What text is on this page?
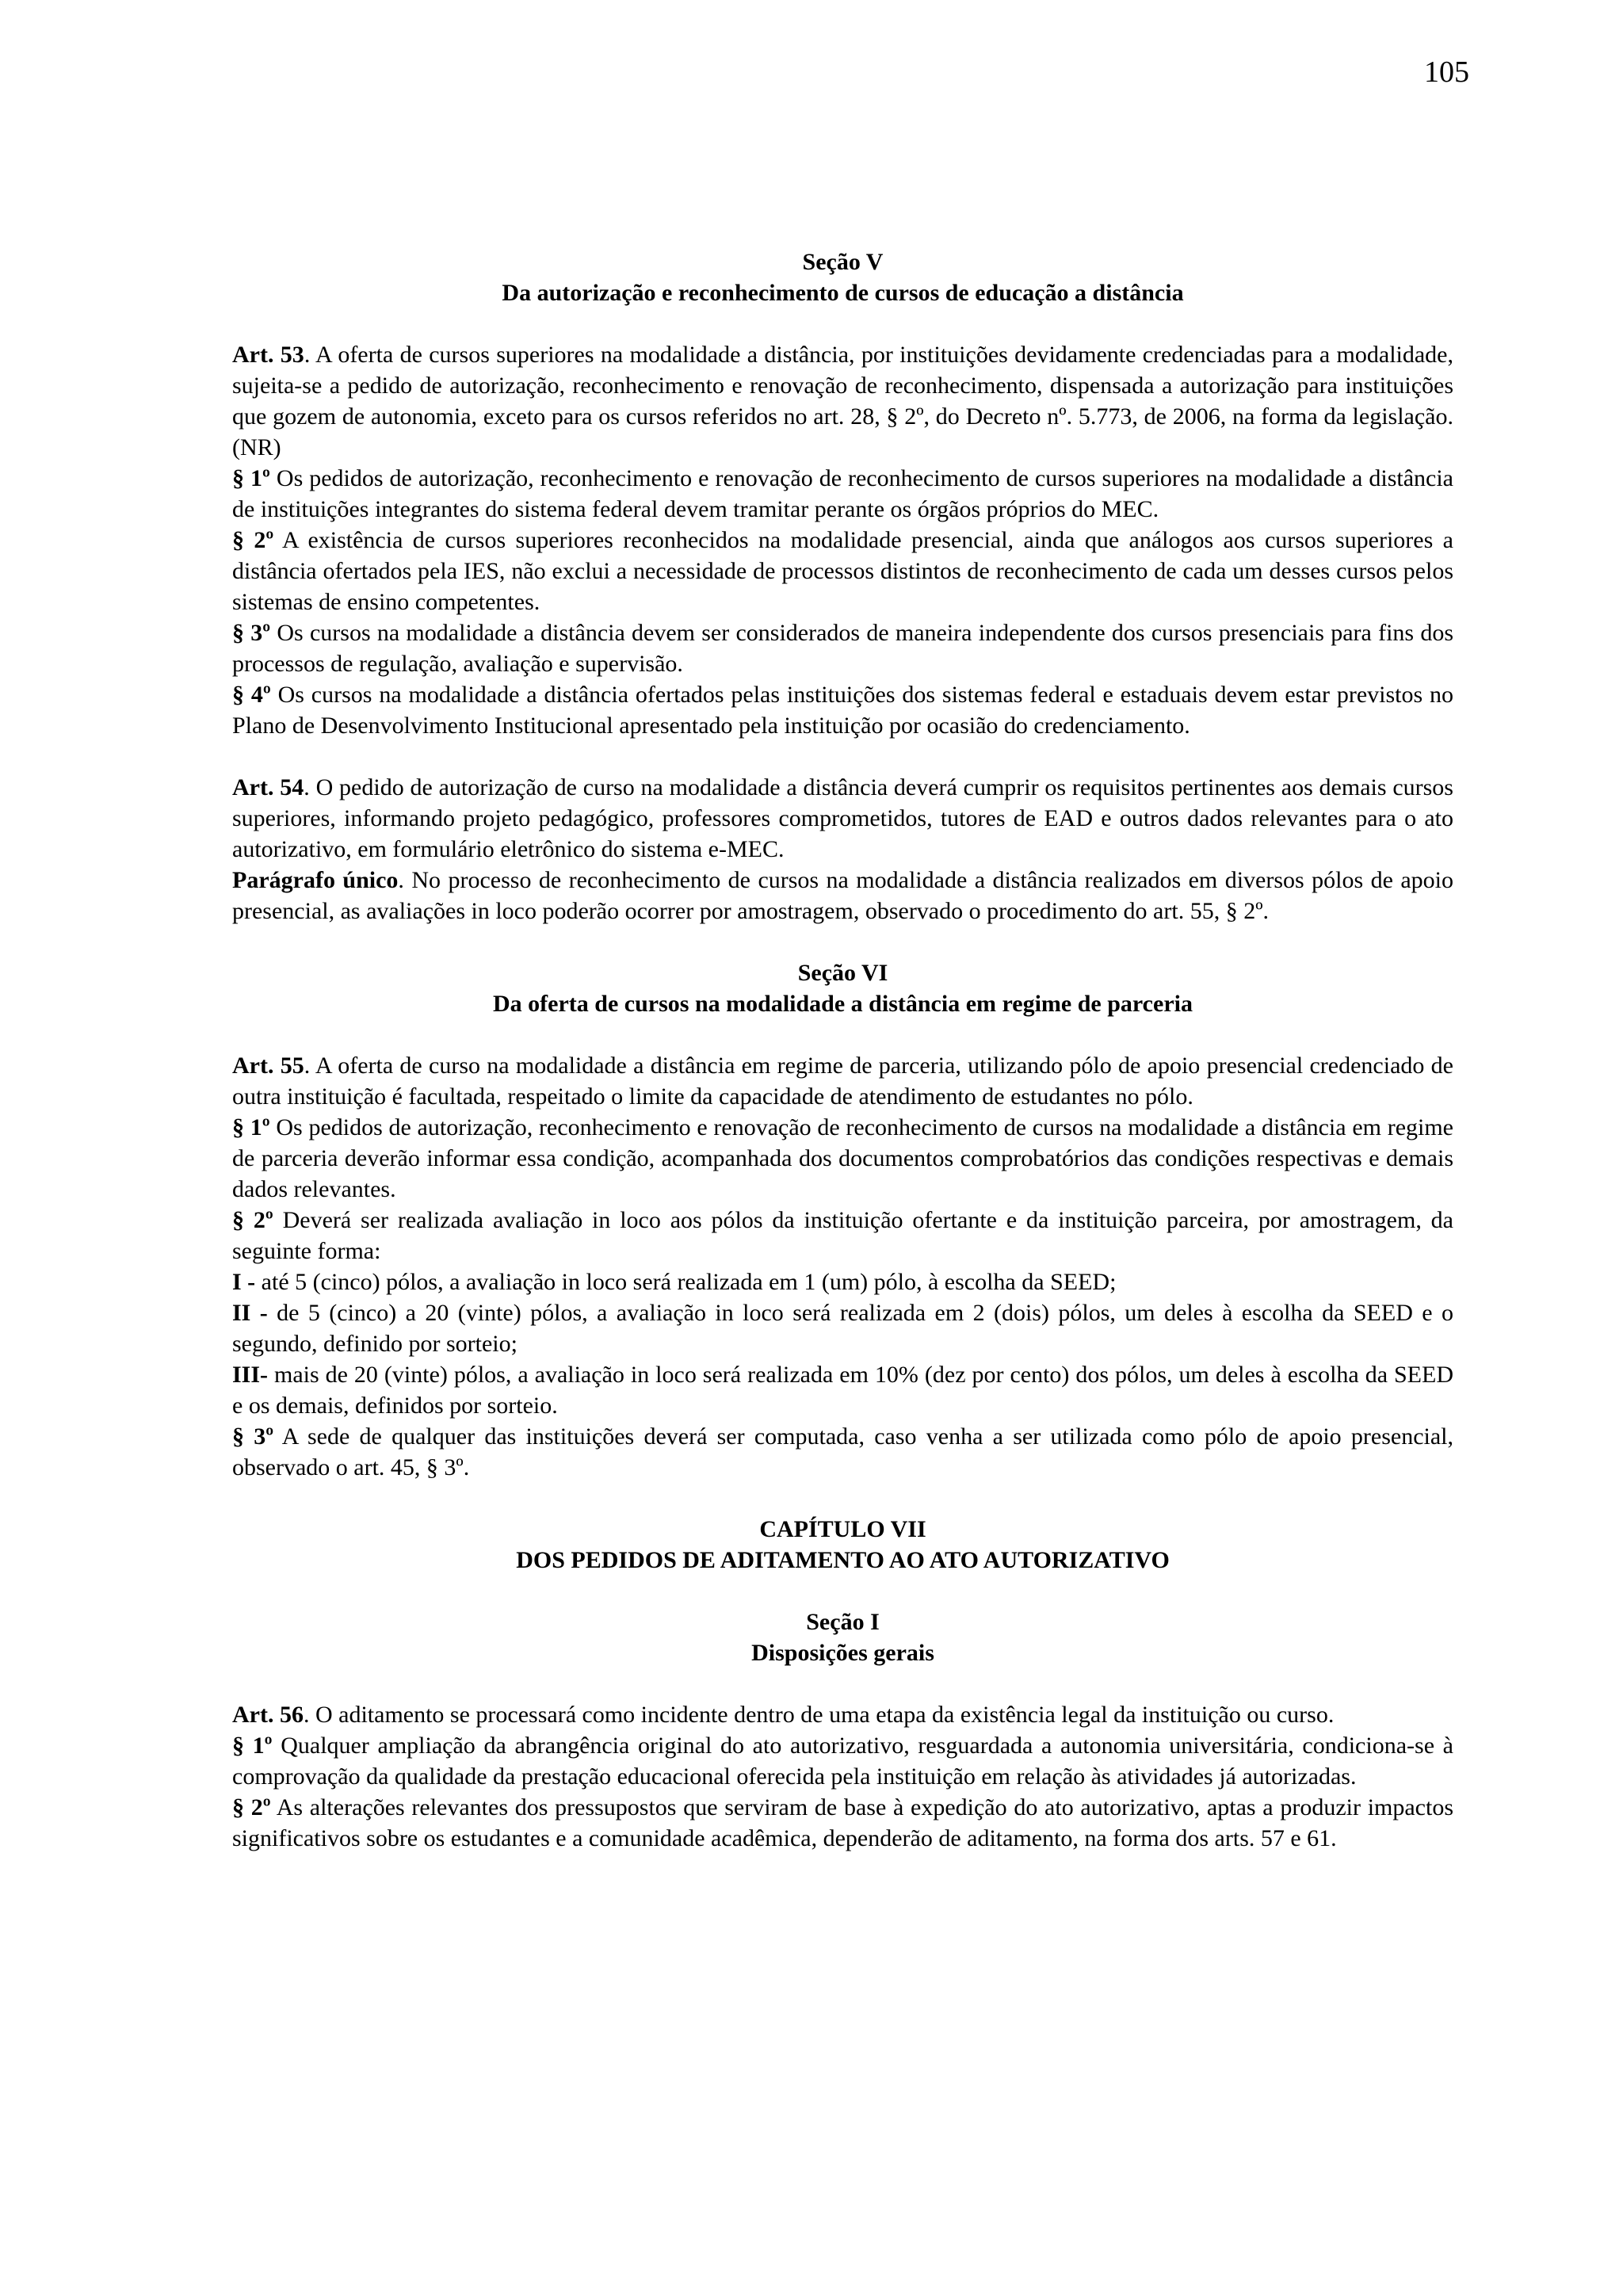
105
Seção V
Da autorização e reconhecimento de cursos de educação a distância

Art. 53. A oferta de cursos superiores na modalidade a distância, por instituições devidamente credenciadas para a modalidade, sujeita-se a pedido de autorização, reconhecimento e renovação de reconhecimento, dispensada a autorização para instituições que gozem de autonomia, exceto para os cursos referidos no art. 28, § 2º, do Decreto nº. 5.773, de 2006, na forma da legislação. (NR)

§ 1º Os pedidos de autorização, reconhecimento e renovação de reconhecimento de cursos superiores na modalidade a distância de instituições integrantes do sistema federal devem tramitar perante os órgãos próprios do MEC.

§ 2º A existência de cursos superiores reconhecidos na modalidade presencial, ainda que análogos aos cursos superiores a distância ofertados pela IES, não exclui a necessidade de processos distintos de reconhecimento de cada um desses cursos pelos sistemas de ensino competentes.

§ 3º Os cursos na modalidade a distância devem ser considerados de maneira independente dos cursos presenciais para fins dos processos de regulação, avaliação e supervisão.

§ 4º Os cursos na modalidade a distância ofertados pelas instituições dos sistemas federal e estaduais devem estar previstos no Plano de Desenvolvimento Institucional apresentado pela instituição por ocasião do credenciamento.

Art. 54. O pedido de autorização de curso na modalidade a distância deverá cumprir os requisitos pertinentes aos demais cursos superiores, informando projeto pedagógico, professores comprometidos, tutores de EAD e outros dados relevantes para o ato autorizativo, em formulário eletrônico do sistema e-MEC.

Parágrafo único. No processo de reconhecimento de cursos na modalidade a distância realizados em diversos pólos de apoio presencial, as avaliações in loco poderão ocorrer por amostragem, observado o procedimento do art. 55, § 2º.

Seção VI
Da oferta de cursos na modalidade a distância em regime de parceria

Art. 55. A oferta de curso na modalidade a distância em regime de parceria, utilizando pólo de apoio presencial credenciado de outra instituição é facultada, respeitado o limite da capacidade de atendimento de estudantes no pólo.

§ 1º Os pedidos de autorização, reconhecimento e renovação de reconhecimento de cursos na modalidade a distância em regime de parceria deverão informar essa condição, acompanhada dos documentos comprobatórios das condições respectivas e demais dados relevantes.

§ 2º Deverá ser realizada avaliação in loco aos pólos da instituição ofertante e da instituição parceira, por amostragem, da seguinte forma:

I - até 5 (cinco) pólos, a avaliação in loco será realizada em 1 (um) pólo, à escolha da SEED;

II - de 5 (cinco) a 20 (vinte) pólos, a avaliação in loco será realizada em 2 (dois) pólos, um deles à escolha da SEED e o segundo, definido por sorteio;

III- mais de 20 (vinte) pólos, a avaliação in loco será realizada em 10% (dez por cento) dos pólos, um deles à escolha da SEED e os demais, definidos por sorteio.

§ 3º A sede de qualquer das instituições deverá ser computada, caso venha a ser utilizada como pólo de apoio presencial, observado o art. 45, § 3º.

CAPÍTULO VII
DOS PEDIDOS DE ADITAMENTO AO ATO AUTORIZATIVO
Seção I
Disposições gerais

Art. 56. O aditamento se processará como incidente dentro de uma etapa da existência legal da instituição ou curso.

§ 1º Qualquer ampliação da abrangência original do ato autorizativo, resguardada a autonomia universitária, condiciona-se à comprovação da qualidade da prestação educacional oferecida pela instituição em relação às atividades já autorizadas.

§ 2º As alterações relevantes dos pressupostos que serviram de base à expedição do ato autorizativo, aptas a produzir impactos significativos sobre os estudantes e a comunidade acadêmica, dependerão de aditamento, na forma dos arts. 57 e 61.
